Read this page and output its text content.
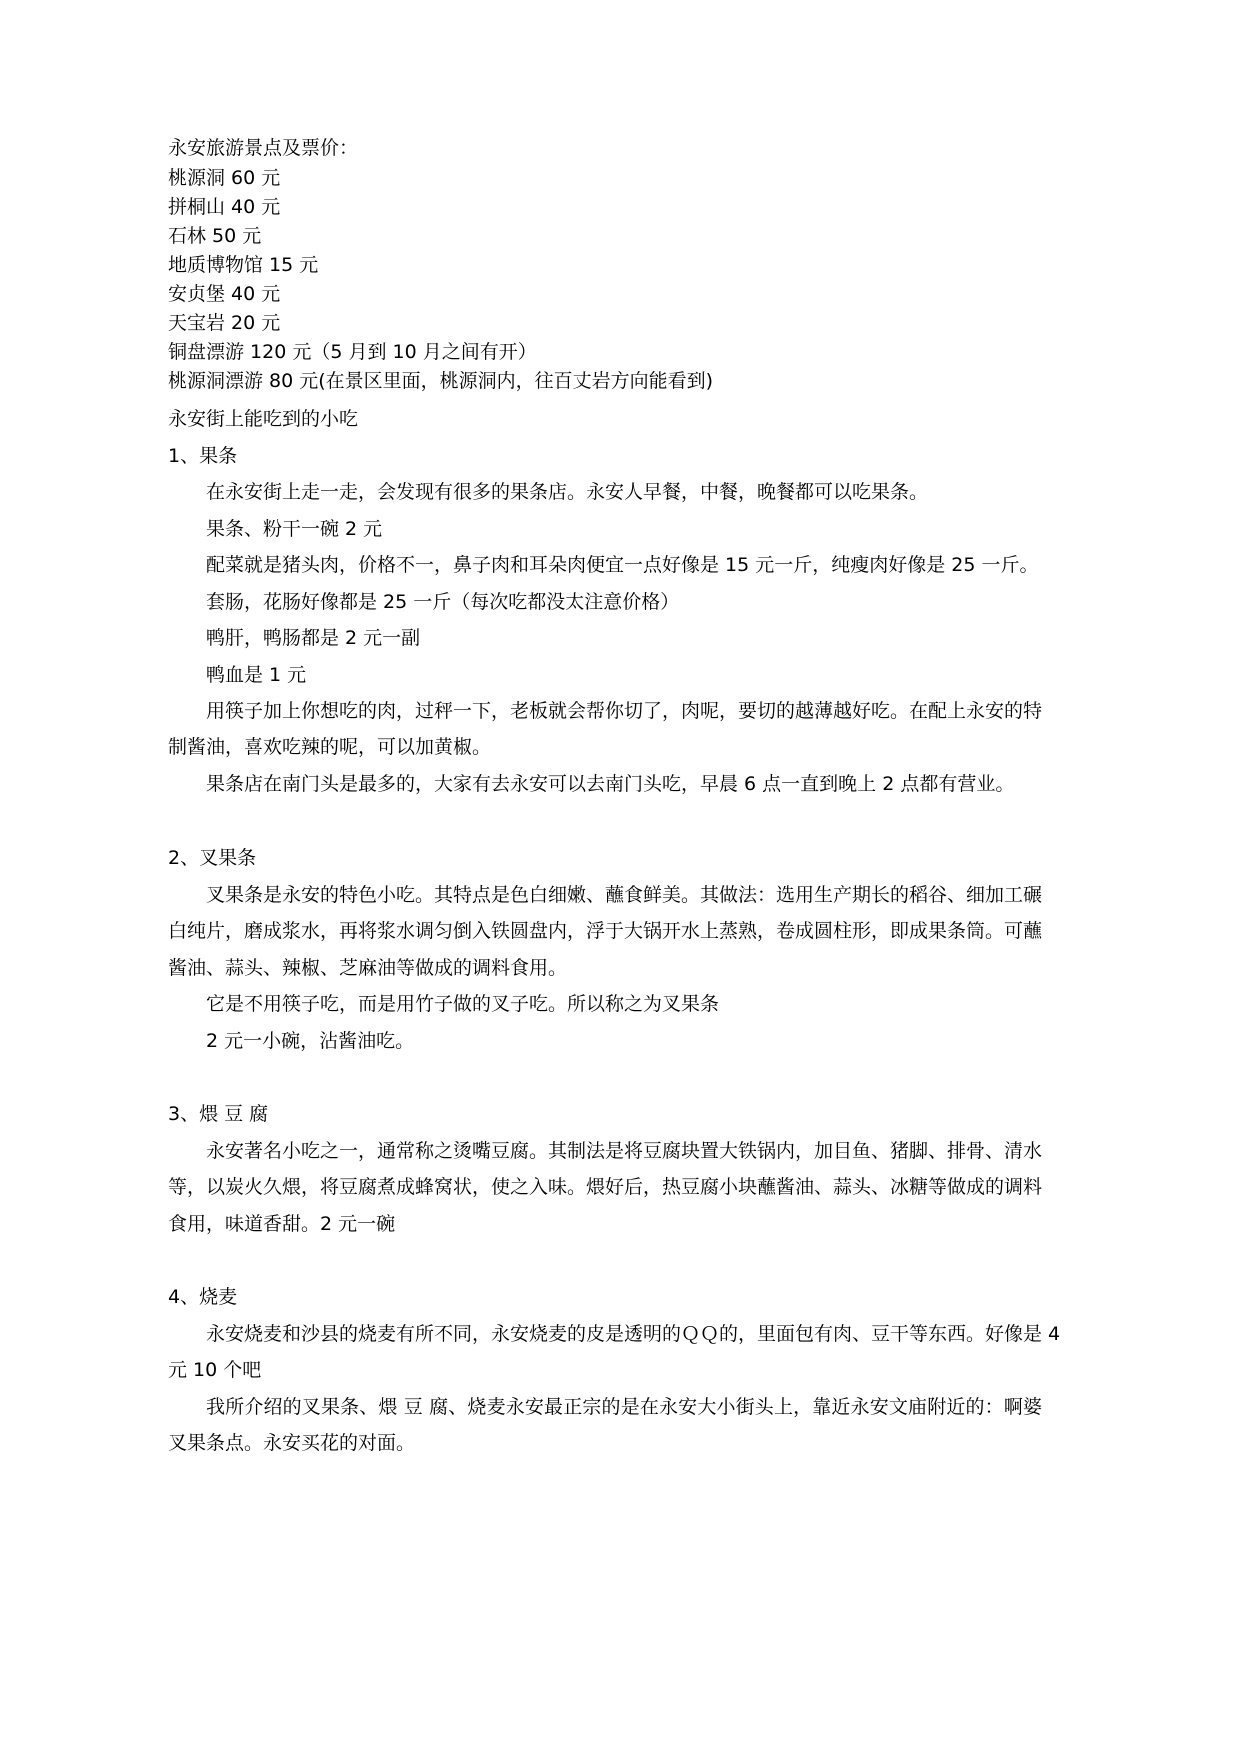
永安旅游景点及票价：
桃源洞 60 元
拼桐山 40 元
石林 50 元
地质博物馆 15 元
安贞堡 40 元
天宝岩 20 元
铜盘漂游 120 元（5 月到 10 月之间有开）
桃源洞漂游 80 元(在景区里面，桃源洞内，往百丈岩方向能看到)
永安街上能吃到的小吃
1、果条
在永安街上走一走，会发现有很多的果条店。永安人早餐，中餐，晚餐都可以吃果条。
果条、粉干一碗 2 元
配菜就是猪头肉，价格不一，鼻子肉和耳朵肉便宜一点好像是 15 元一斤，纯瘦肉好像是 25 一斤。
套肠，花肠好像都是 25 一斤（每次吃都没太注意价格）
鸭肝，鸭肠都是 2 元一副
鸭血是 1 元
用筷子加上你想吃的肉，过秤一下，老板就会帮你切了，肉呢，要切的越薄越好吃。在配上永安的特
制酱油，喜欢吃辣的呢，可以加黄椒。
果条店在南门头是最多的，大家有去永安可以去南门头吃，早晨 6 点一直到晚上 2 点都有营业。
2、叉果条
叉果条是永安的特色小吃。其特点是色白细嫩、蘸食鲜美。其做法：选用生产期长的稻谷、细加工碾
白纯片，磨成浆水，再将浆水调匀倒入铁圆盘内，浮于大锅开水上蒸熟，卷成圆柱形，即成果条筒。可蘸
酱油、蒜头、辣椒、芝麻油等做成的调料食用。
它是不用筷子吃，而是用竹子做的叉子吃。所以称之为叉果条
2 元一小碗，沾酱油吃。
3、煨 豆 腐
永安著名小吃之一，通常称之烫嘴豆腐。其制法是将豆腐块置大铁锅内，加目鱼、猪脚、排骨、清水
等，以炭火久煨，将豆腐煮成蜂窝状，使之入味。煨好后，热豆腐小块蘸酱油、蒜头、冰糖等做成的调料
食用，味道香甜。2 元一碗
4、烧麦
永安烧麦和沙县的烧麦有所不同，永安烧麦的皮是透明的ＱＱ的，里面包有肉、豆干等东西。好像是 4
元 10 个吧
我所介绍的叉果条、煨 豆 腐、烧麦永安最正宗的是在永安大小街头上，靠近永安文庙附近的：啊婆
叉果条点。永安买花的对面。
